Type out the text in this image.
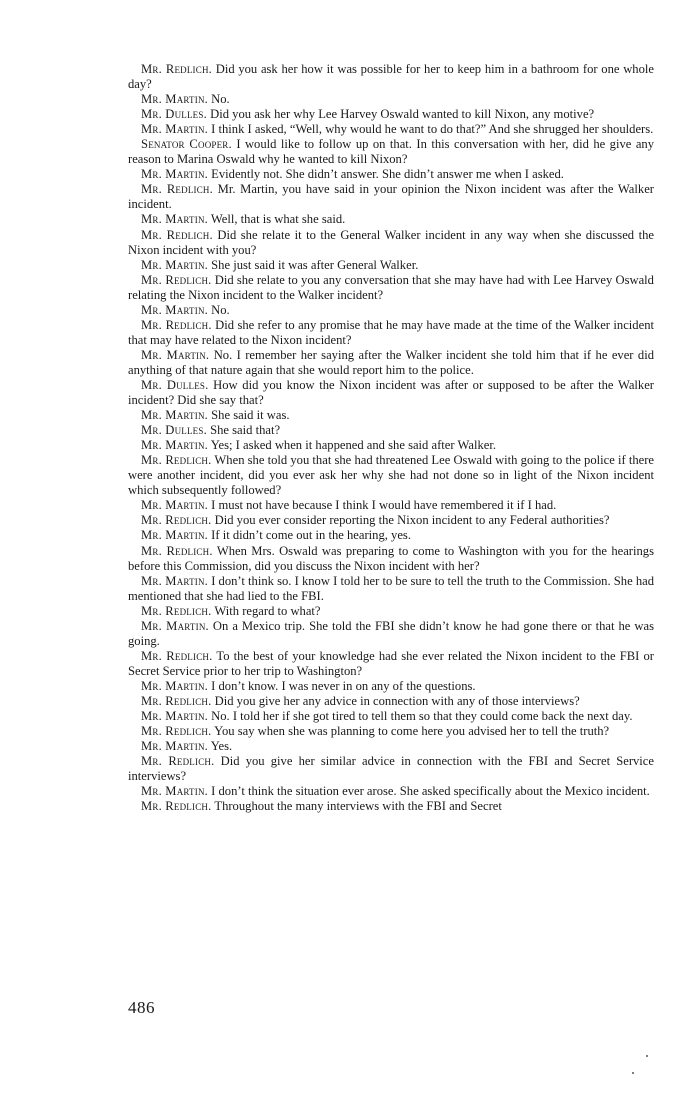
Mr. Redlich. Did you ask her how it was possible for her to keep him in a bathroom for one whole day?

Mr. Martin. No.

Mr. Dulles. Did you ask her why Lee Harvey Oswald wanted to kill Nixon, any motive?

Mr. Martin. I think I asked, “Well, why would he want to do that?” And she shrugged her shoulders.

Senator Cooper. I would like to follow up on that. In this conversation with her, did he give any reason to Marina Oswald why he wanted to kill Nixon?

Mr. Martin. Evidently not. She didn’t answer. She didn’t answer me when I asked.

Mr. Redlich. Mr. Martin, you have said in your opinion the Nixon incident was after the Walker incident.

Mr. Martin. Well, that is what she said.

Mr. Redlich. Did she relate it to the General Walker incident in any way when she discussed the Nixon incident with you?

Mr. Martin. She just said it was after General Walker.

Mr. Redlich. Did she relate to you any conversation that she may have had with Lee Harvey Oswald relating the Nixon incident to the Walker incident?

Mr. Martin. No.

Mr. Redlich. Did she refer to any promise that he may have made at the time of the Walker incident that may have related to the Nixon incident?

Mr. Martin. No. I remember her saying after the Walker incident she told him that if he ever did anything of that nature again that she would report him to the police.

Mr. Dulles. How did you know the Nixon incident was after or supposed to be after the Walker incident? Did she say that?

Mr. Martin. She said it was.

Mr. Dulles. She said that?

Mr. Martin. Yes; I asked when it happened and she said after Walker.

Mr. Redlich. When she told you that she had threatened Lee Oswald with going to the police if there were another incident, did you ever ask her why she had not done so in light of the Nixon incident which subsequently followed?

Mr. Martin. I must not have because I think I would have remembered it if I had.

Mr. Redlich. Did you ever consider reporting the Nixon incident to any Federal authorities?

Mr. Martin. If it didn’t come out in the hearing, yes.

Mr. Redlich. When Mrs. Oswald was preparing to come to Washington with you for the hearings before this Commission, did you discuss the Nixon incident with her?

Mr. Martin. I don’t think so. I know I told her to be sure to tell the truth to the Commission. She had mentioned that she had lied to the FBI.

Mr. Redlich. With regard to what?

Mr. Martin. On a Mexico trip. She told the FBI she didn’t know he had gone there or that he was going.

Mr. Redlich. To the best of your knowledge had she ever related the Nixon incident to the FBI or Secret Service prior to her trip to Washington?

Mr. Martin. I don’t know. I was never in on any of the questions.

Mr. Redlich. Did you give her any advice in connection with any of those interviews?

Mr. Martin. No. I told her if she got tired to tell them so that they could come back the next day.

Mr. Redlich. You say when she was planning to come here you advised her to tell the truth?

Mr. Martin. Yes.

Mr. Redlich. Did you give her similar advice in connection with the FBI and Secret Service interviews?

Mr. Martin. I don’t think the situation ever arose. She asked specifically about the Mexico incident.

Mr. Redlich. Throughout the many interviews with the FBI and Secret

486
